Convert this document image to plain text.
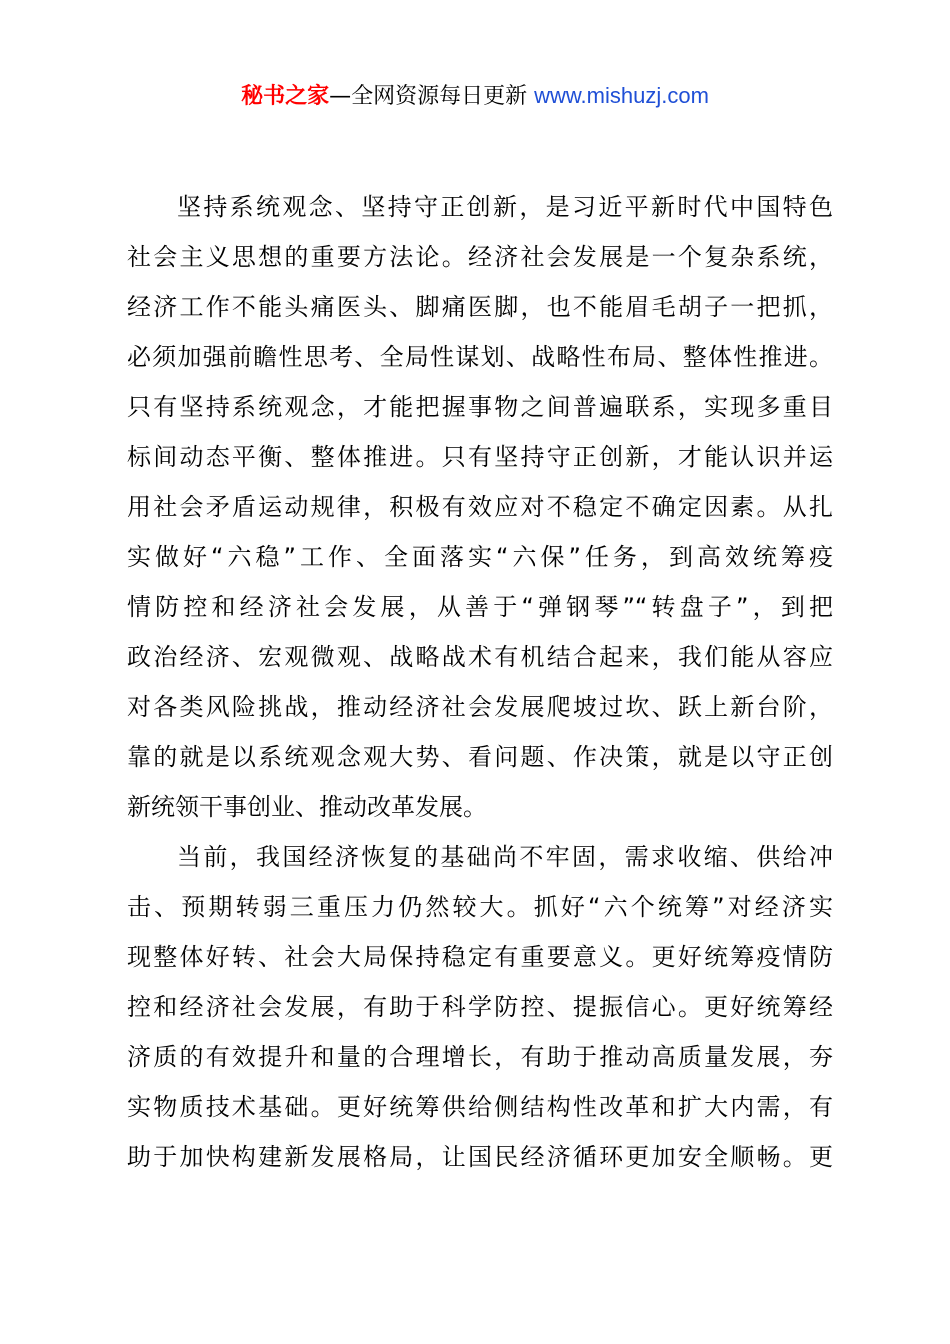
秘书之家—全网资源每日更新 www.mishuzj.com
坚持系统观念、坚持守正创新，是习近平新时代中国特色
社会主义思想的重要方法论。经济社会发展是一个复杂系统，
经济工作不能头痛医头、脚痛医脚，也不能眉毛胡子一把抓，
必须加强前瞻性思考、全局性谋划、战略性布局、整体性推进。
只有坚持系统观念，才能把握事物之间普遍联系，实现多重目
标间动态平衡、整体推进。只有坚持守正创新，才能认识并运
用社会矛盾运动规律，积极有效应对不稳定不确定因素。从扎
实做好“六稳”工作、全面落实“六保”任务，到高效统筹疫
情防控和经济社会发展，从善于“弹钢琴”“转盘子”，到把
政治经济、宏观微观、战略战术有机结合起来，我们能从容应
对各类风险挑战，推动经济社会发展爬坡过坎、跃上新台阶，
靠的就是以系统观念观大势、看问题、作决策，就是以守正创
新统领干事创业、推动改革发展。
当前，我国经济恢复的基础尚不牢固，需求收缩、供给冲
击、预期转弱三重压力仍然较大。抓好“六个统筹”对经济实
现整体好转、社会大局保持稳定有重要意义。更好统筹疫情防
控和经济社会发展，有助于科学防控、提振信心。更好统筹经
济质的有效提升和量的合理增长，有助于推动高质量发展，夯
实物质技术基础。更好统筹供给侧结构性改革和扩大内需，有
助于加快构建新发展格局，让国民经济循环更加安全顺畅。更
